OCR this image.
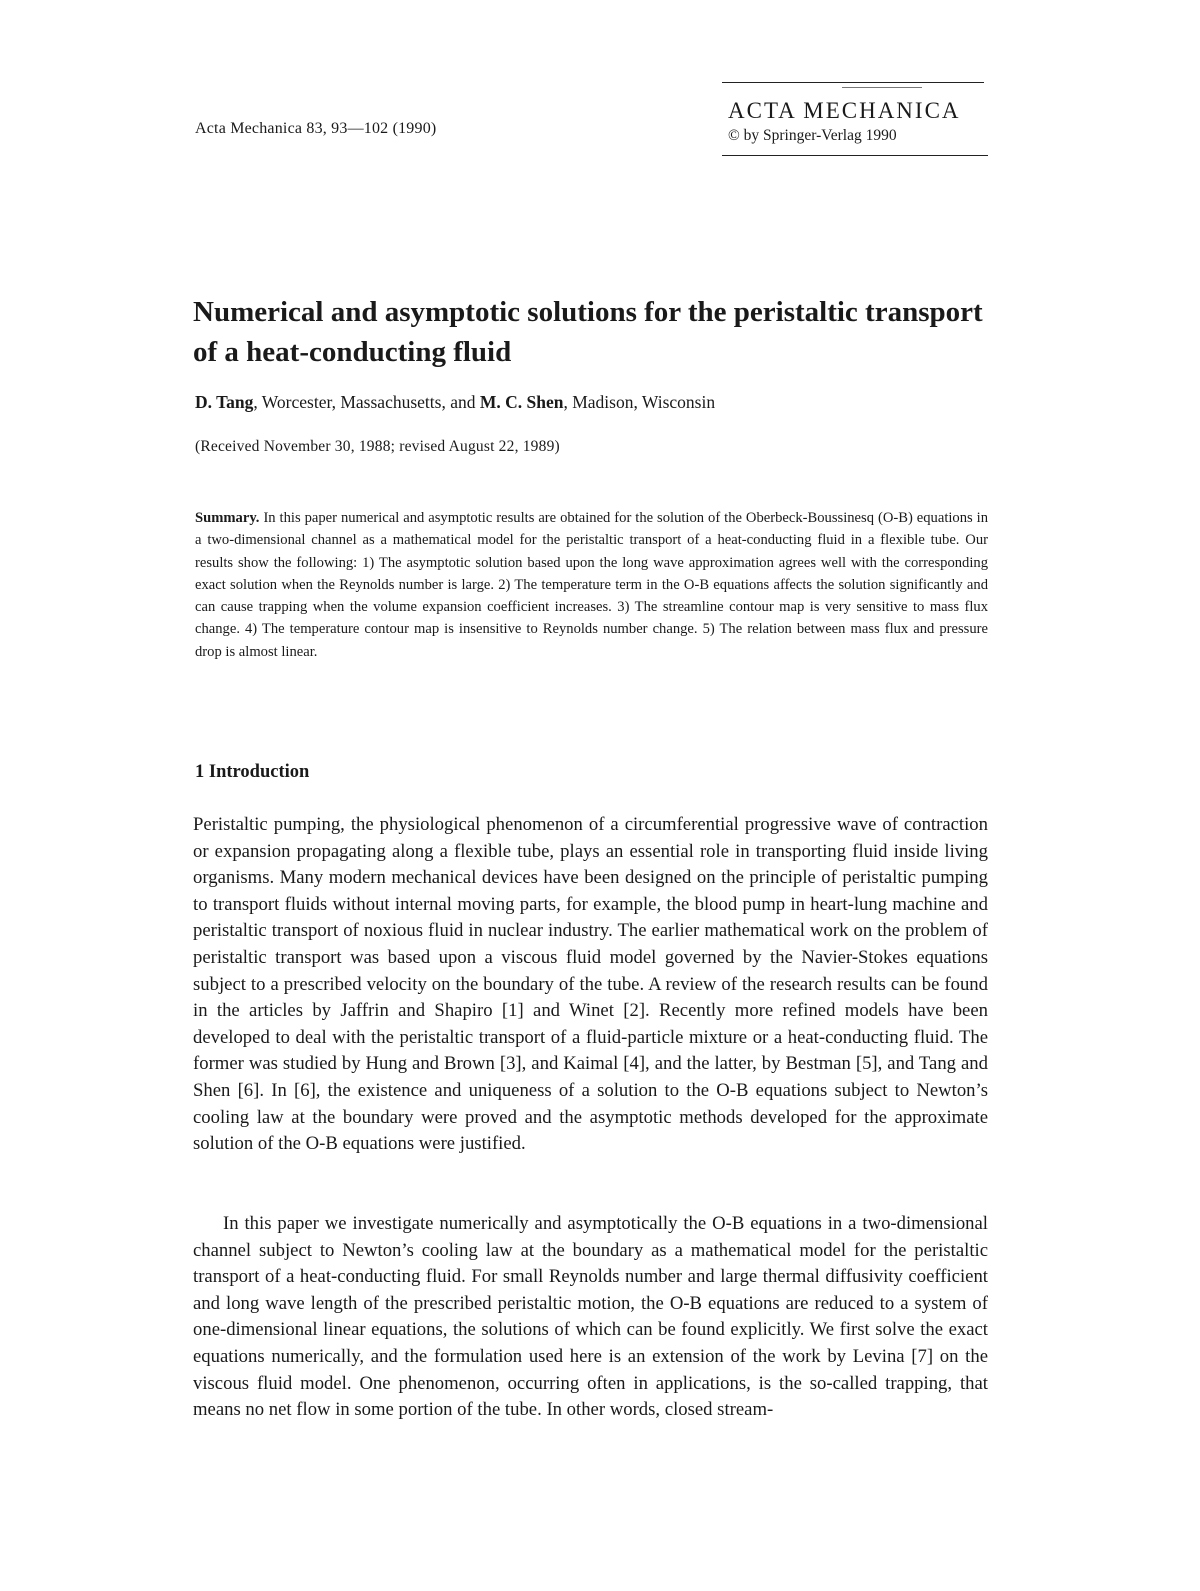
Acta Mechanica 83, 93—102 (1990)
ACTA MECHANICA
© by Springer-Verlag 1990
Numerical and asymptotic solutions for the peristaltic transport of a heat-conducting fluid
D. Tang, Worcester, Massachusetts, and M. C. Shen, Madison, Wisconsin
(Received November 30, 1988; revised August 22, 1989)

Summary. In this paper numerical and asymptotic results are obtained for the solution of the Oberbeck-Boussinesq (O-B) equations in a two-dimensional channel as a mathematical model for the peristaltic transport of a heat-conducting fluid in a flexible tube. Our results show the following: 1) The asymptotic solution based upon the long wave approximation agrees well with the corresponding exact solution when the Reynolds number is large. 2) The temperature term in the O-B equations affects the solution significantly and can cause trapping when the volume expansion coefficient increases. 3) The streamline contour map is very sensitive to mass flux change. 4) The temperature contour map is insensitive to Reynolds number change. 5) The relation between mass flux and pressure drop is almost linear.

1 Introduction

Peristaltic pumping, the physiological phenomenon of a circumferential progressive wave of contraction or expansion propagating along a flexible tube, plays an essential role in transporting fluid inside living organisms. Many modern mechanical devices have been designed on the principle of peristaltic pumping to transport fluids without internal moving parts, for example, the blood pump in heart-lung machine and peristaltic transport of noxious fluid in nuclear industry. The earlier mathematical work on the problem of peristaltic transport was based upon a viscous fluid model governed by the Navier-Stokes equations subject to a prescribed velocity on the boundary of the tube. A review of the research results can be found in the articles by Jaffrin and Shapiro [1] and Winet [2]. Recently more refined models have been developed to deal with the peristaltic transport of a fluid-particle mixture or a heat-conducting fluid. The former was studied by Hung and Brown [3], and Kaimal [4], and the latter, by Bestman [5], and Tang and Shen [6]. In [6], the existence and uniqueness of a solution to the O-B equations subject to Newton’s cooling law at the boundary were proved and the asymptotic methods developed for the approximate solution of the O-B equations were justified.

In this paper we investigate numerically and asymptotically the O-B equations in a two-dimensional channel subject to Newton’s cooling law at the boundary as a mathematical model for the peristaltic transport of a heat-conducting fluid. For small Reynolds number and large thermal diffusivity coefficient and long wave length of the prescribed peristaltic motion, the O-B equations are reduced to a system of one-dimensional linear equations, the solutions of which can be found explicitly. We first solve the exact equations numerically, and the formulation used here is an extension of the work by Levina [7] on the viscous fluid model. One phenomenon, occurring often in applications, is the so-called trapping, that means no net flow in some portion of the tube. In other words, closed stream-
